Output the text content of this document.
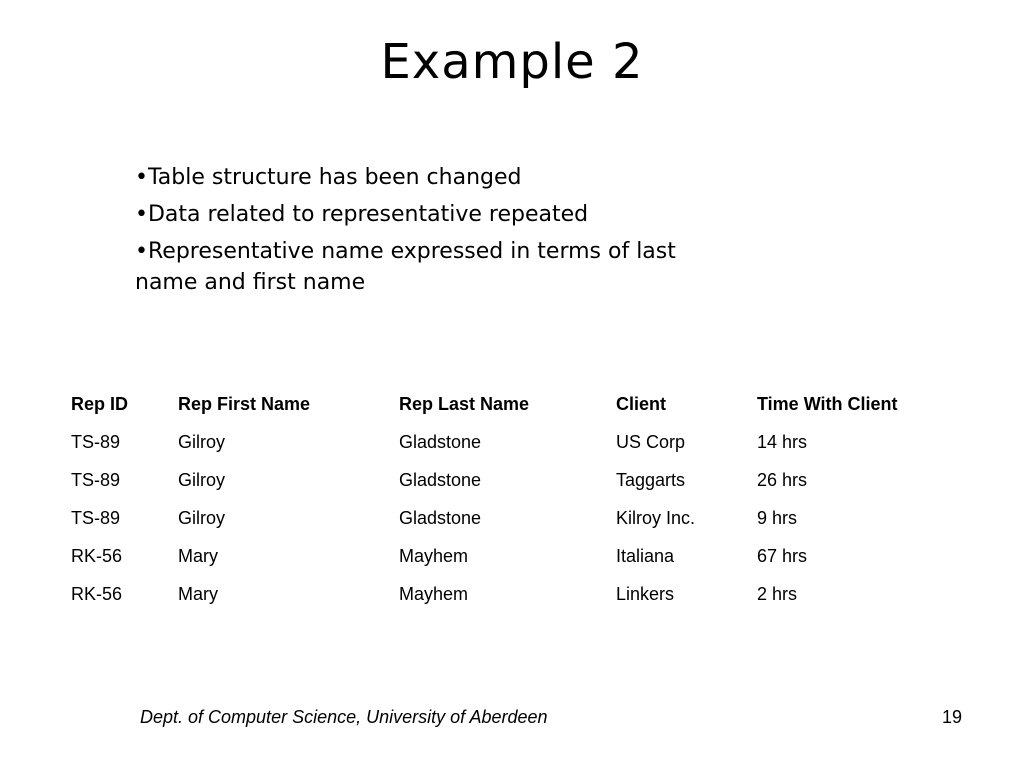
Example 2
•Table structure has been changed
•Data related to representative repeated
•Representative name expressed in terms of last name and first name
Rep ID	Rep First Name	Rep Last Name	Client	Time With Client
TS-89	Gilroy	Gladstone	US Corp	14 hrs
TS-89	Gilroy	Gladstone	Taggarts	26 hrs
TS-89	Gilroy	Gladstone	Kilroy Inc.	9 hrs
RK-56	Mary	Mayhem	Italiana	67 hrs
RK-56	Mary	Mayhem	Linkers	2 hrs
Dept. of Computer Science, University of Aberdeen	19
